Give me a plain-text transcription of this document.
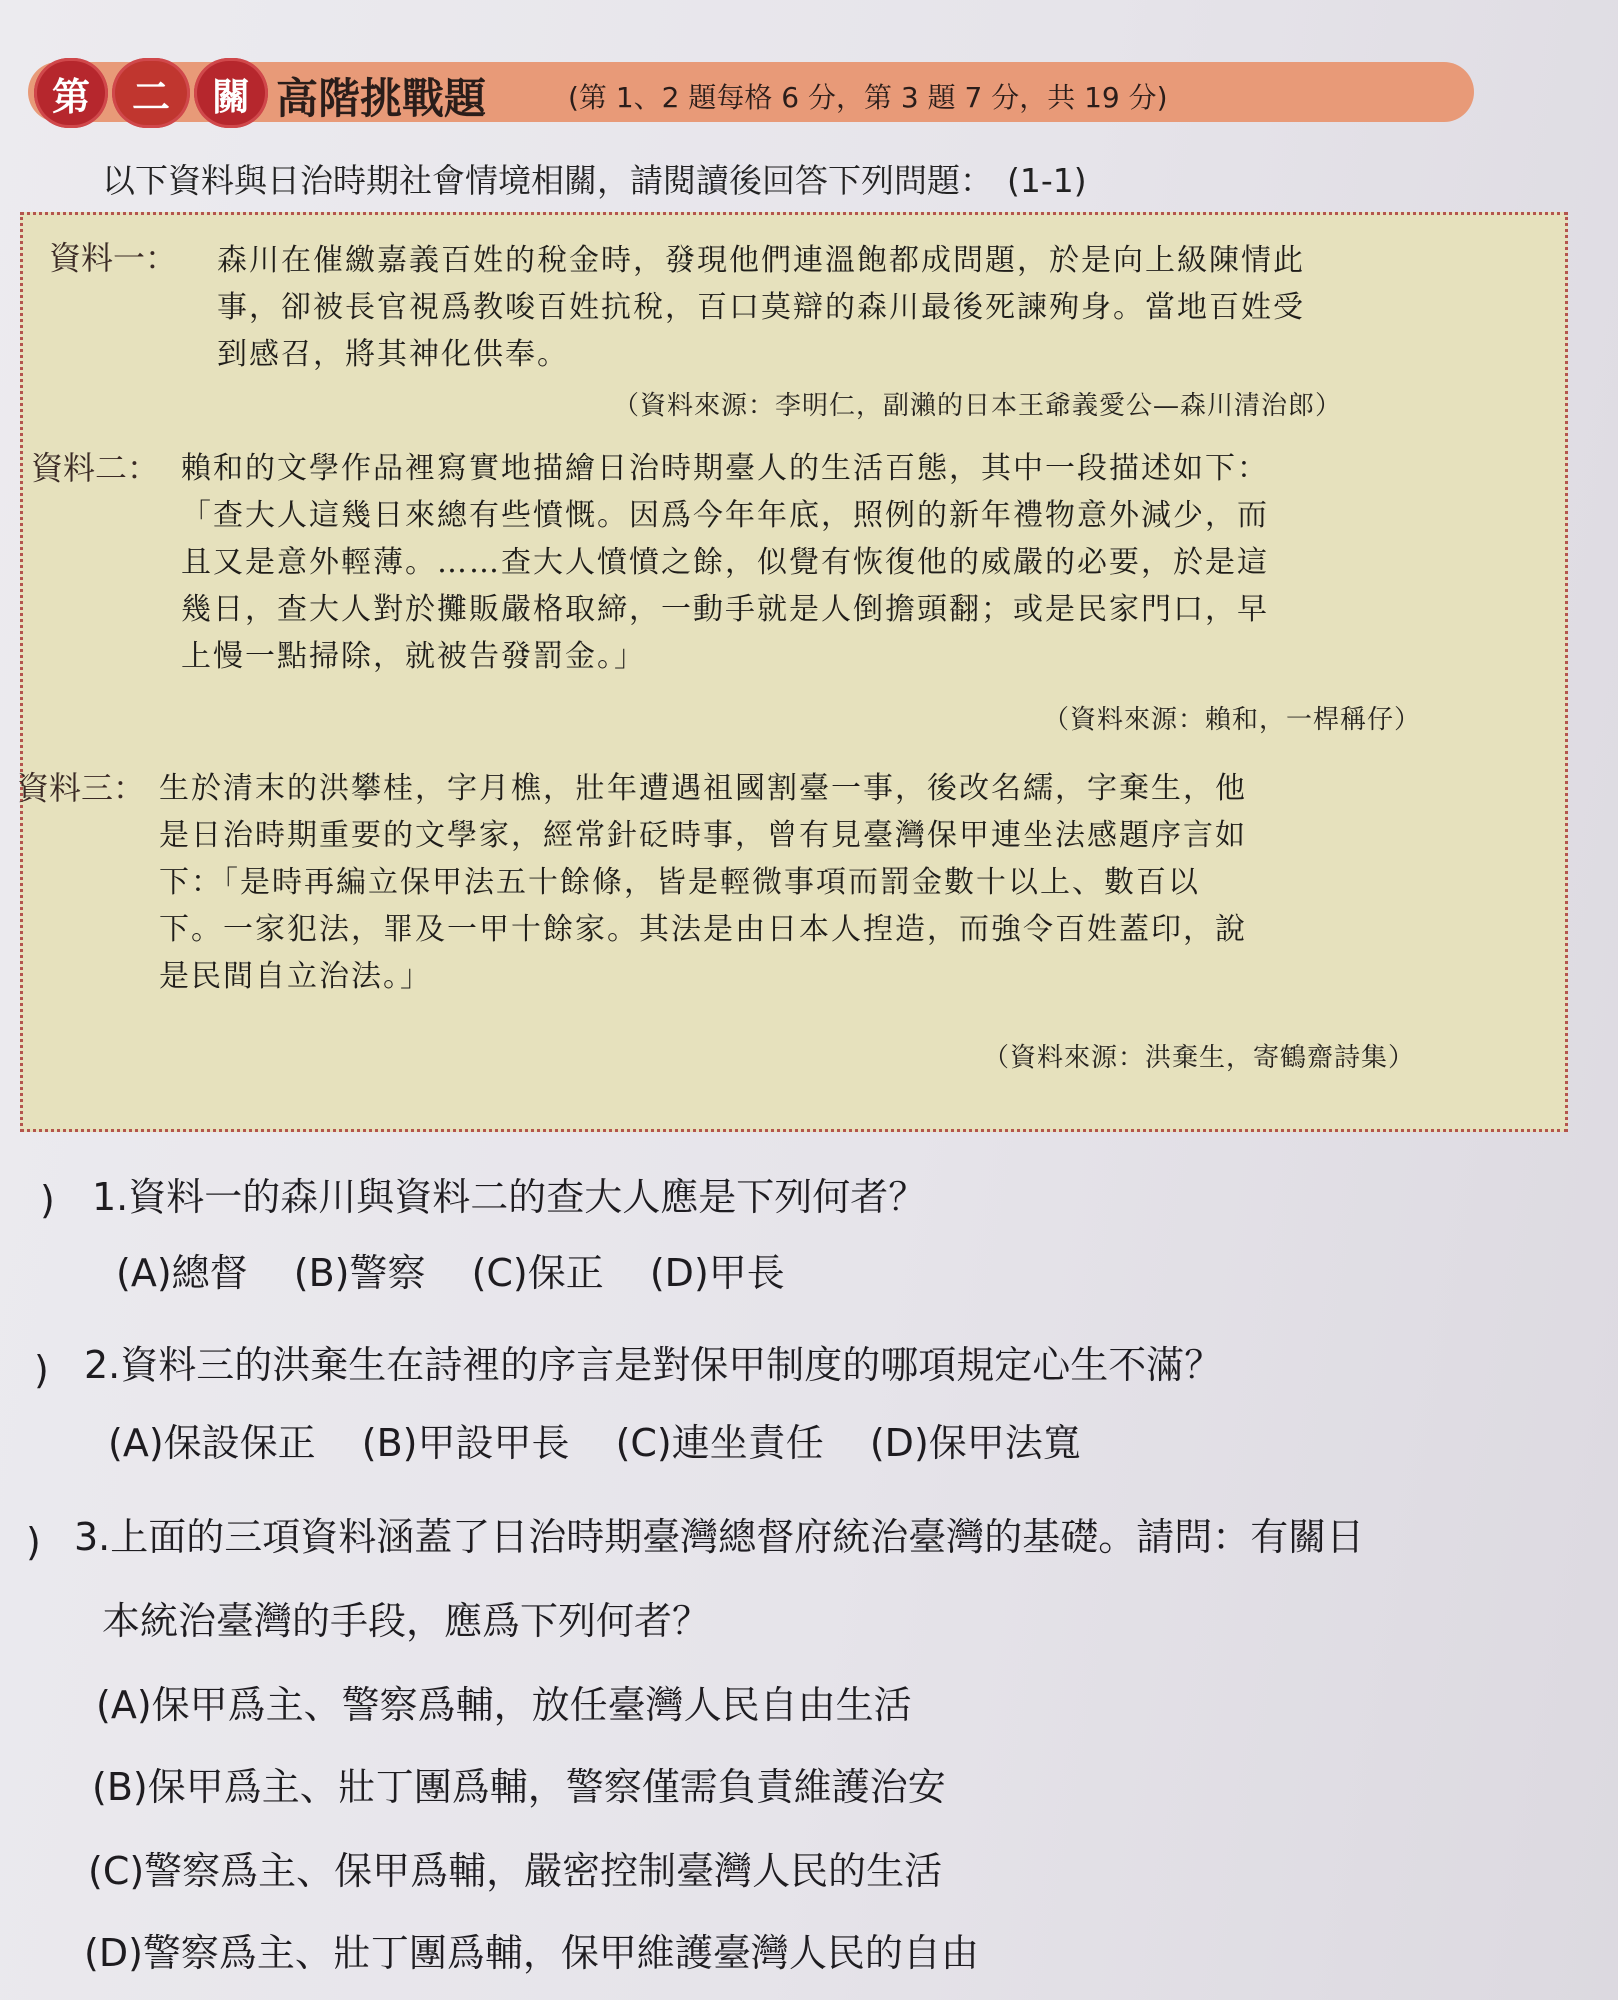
第	二	關 高階挑戰題	(第 1、2 題每格 6 分，第 3 題 7 分，共 19 分)
以下資料與日治時期社會情境相關，請閱讀後回答下列問題： (1-1)
資料一： 森川在催繳嘉義百姓的稅金時，發現他們連溫飽都成問題，於是向上級陳情此
事，卻被長官視爲教唆百姓抗稅，百口莫辯的森川最後死諫殉身。當地百姓受
到感召，將其神化供奉。
（資料來源：李明仁，副瀨的日本王爺義愛公—森川清治郎）
資料二： 賴和的文學作品裡寫實地描繪日治時期臺人的生活百態，其中一段描述如下：
「查大人這幾日來總有些憤慨。因爲今年年底，照例的新年禮物意外減少，而
且又是意外輕薄。……查大人憤憤之餘，似覺有恢復他的威嚴的必要，於是這
幾日，查大人對於攤販嚴格取締，一動手就是人倒擔頭翻；或是民家門口，早
上慢一點掃除，就被告發罰金。」
（資料來源：賴和，一桿稱仔）
資料三： 生於清末的洪攀桂，字月樵，壯年遭遇祖國割臺一事，後改名繻，字棄生，他
是日治時期重要的文學家，經常針砭時事，曾有見臺灣保甲連坐法感題序言如
下：「是時再編立保甲法五十餘條，皆是輕微事項而罰金數十以上、數百以
下。一家犯法，罪及一甲十餘家。其法是由日本人揑造，而強令百姓蓋印，說
是民間自立治法。」
（資料來源：洪棄生，寄鶴齋詩集）
) 1.資料一的森川與資料二的查大人應是下列何者？
(A)總督 (B)警察 (C)保正 (D)甲長
) 2.資料三的洪棄生在詩裡的序言是對保甲制度的哪項規定心生不滿？
(A)保設保正 (B)甲設甲長 (C)連坐責任 (D)保甲法寬
) 3.上面的三項資料涵蓋了日治時期臺灣總督府統治臺灣的基礎。請問：有關日
本統治臺灣的手段，應爲下列何者？
(A)保甲爲主、警察爲輔，放任臺灣人民自由生活
(B)保甲爲主、壯丁團爲輔，警察僅需負責維護治安
(C)警察爲主、保甲爲輔，嚴密控制臺灣人民的生活
(D)警察爲主、壯丁團爲輔，保甲維護臺灣人民的自由
